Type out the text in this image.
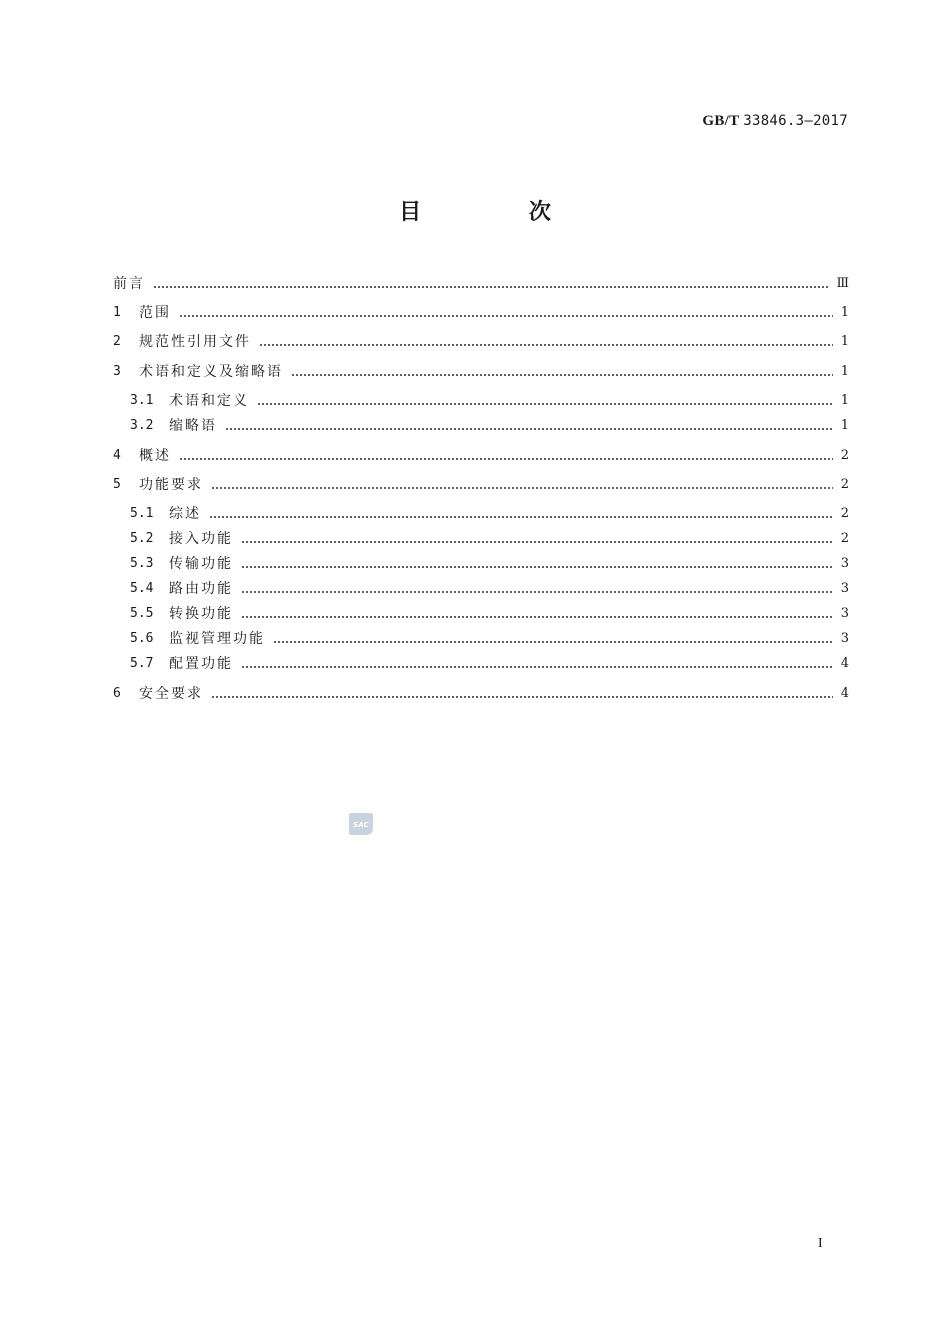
GB/T 33846.3—2017
目 次
前言	Ⅲ
1	范围	1
2	规范性引用文件	1
3	术语和定义及缩略语	1
3.1	术语和定义	1
3.2	缩略语	1
4	概述	2
5	功能要求	2
5.1	综述	2
5.2	接入功能	2
5.3	传输功能	3
5.4	路由功能	3
5.5	转换功能	3
5.6	监视管理功能	3
5.7	配置功能	4
6	安全要求	4
SAC
I
